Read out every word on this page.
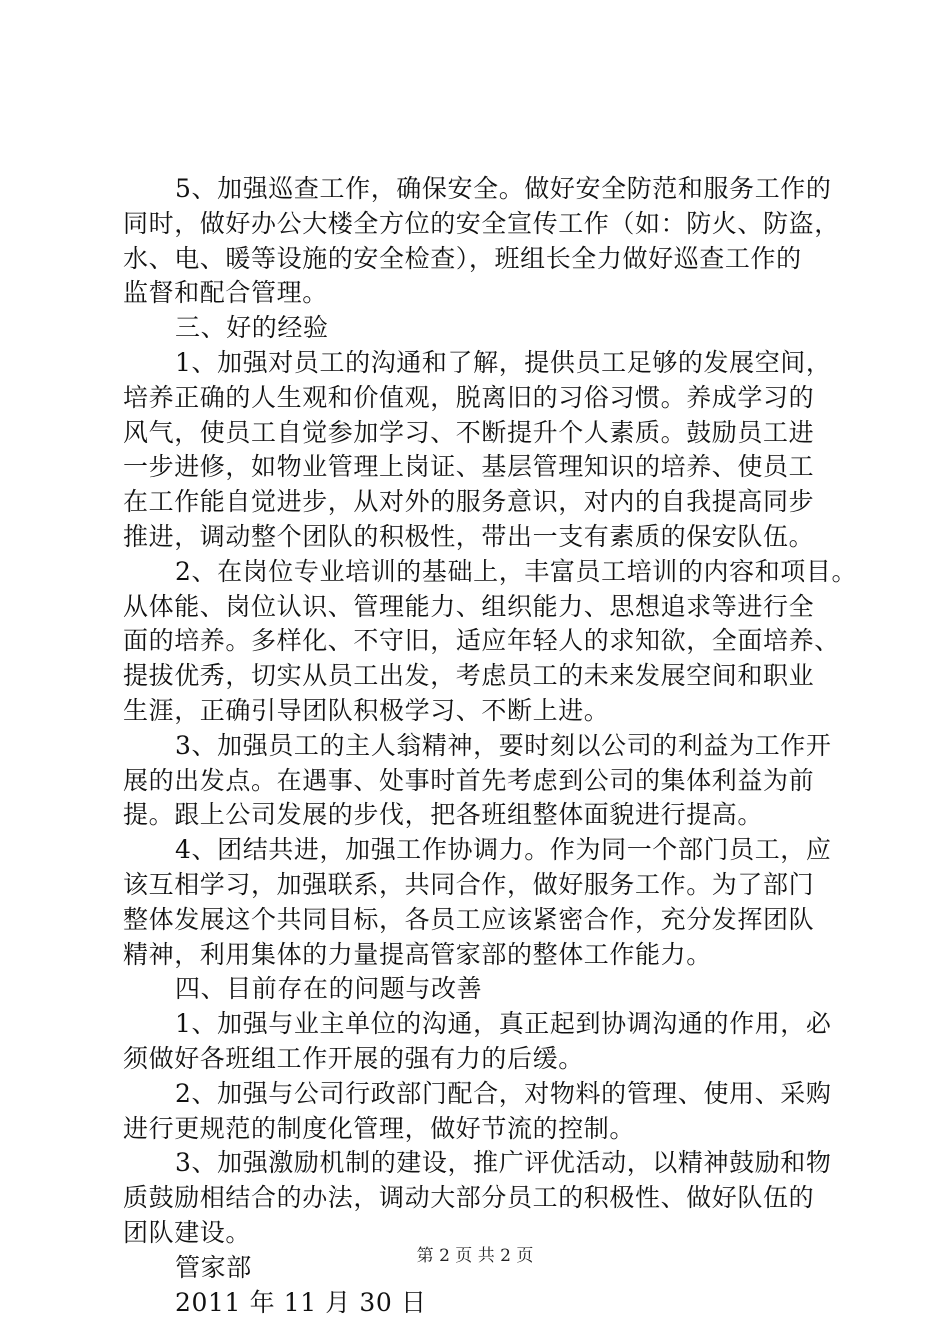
5、加强巡查工作，确保安全。做好安全防范和服务工作的
同时，做好办公大楼全方位的安全宣传工作（如：防火、防盗，
水、电、暖等设施的安全检查），班组长全力做好巡查工作的
监督和配合管理。
三、好的经验
1、加强对员工的沟通和了解，提供员工足够的发展空间，
培养正确的人生观和价值观，脱离旧的习俗习惯。养成学习的
风气，使员工自觉参加学习、不断提升个人素质。鼓励员工进
一步进修，如物业管理上岗证、基层管理知识的培养、使员工
在工作能自觉进步，从对外的服务意识，对内的自我提高同步
推进，调动整个团队的积极性，带出一支有素质的保安队伍。
2、在岗位专业培训的基础上，丰富员工培训的内容和项目。
从体能、岗位认识、管理能力、组织能力、思想追求等进行全
面的培养。多样化、不守旧，适应年轻人的求知欲，全面培养、
提拔优秀，切实从员工出发，考虑员工的未来发展空间和职业
生涯，正确引导团队积极学习、不断上进。
3、加强员工的主人翁精神，要时刻以公司的利益为工作开
展的出发点。在遇事、处事时首先考虑到公司的集体利益为前
提。跟上公司发展的步伐，把各班组整体面貌进行提高。
4、团结共进，加强工作协调力。作为同一个部门员工，应
该互相学习，加强联系，共同合作，做好服务工作。为了部门
整体发展这个共同目标，各员工应该紧密合作，充分发挥团队
精神，利用集体的力量提高管家部的整体工作能力。
四、目前存在的问题与改善
1、加强与业主单位的沟通，真正起到协调沟通的作用，必
须做好各班组工作开展的强有力的后缓。
2、加强与公司行政部门配合，对物料的管理、使用、采购
进行更规范的制度化管理，做好节流的控制。
3、加强激励机制的建设，推广评优活动，以精神鼓励和物
质鼓励相结合的办法，调动大部分员工的积极性、做好队伍的
团队建设。
管家部
2011 年 11 月 30 日
第 2 页 共 2 页
